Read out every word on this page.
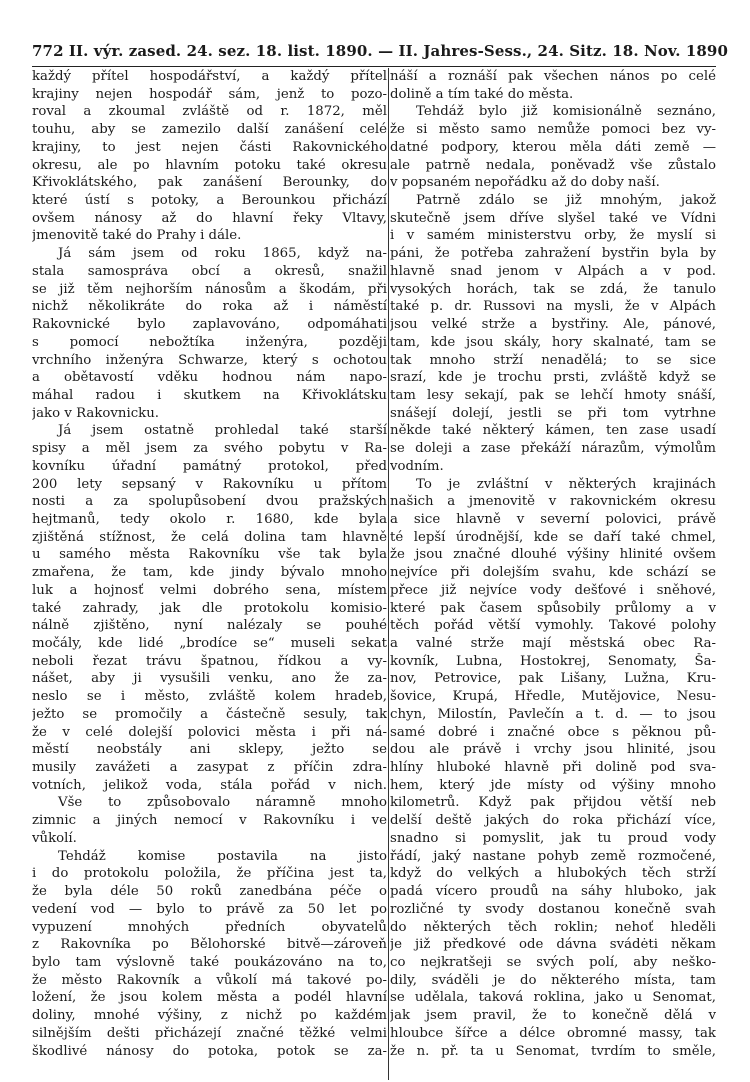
772 II. výr. zased. 24. sez. 18. list. 1890. — II. Jahres-Sess., 24. Sitz. 18. Nov. 1890
každý přítel hospodářství, a každý přítel
krajiny nejen hospodář sám, jenž to pozo-
roval a zkoumal zvláště od r. 1872, měl
touhu, aby se zamezilo další zanášení celé
krajiny, to jest nejen části Rakovnického
okresu, ale po hlavním potoku také okresu
Křivoklátského, pak zanášení Berounky, do
které ústí s potoky, a Berounkou přichází
ovšem nánosy až do hlavní řeky Vltavy,
jmenovitě také do Prahy i dále.
Já sám jsem od roku 1865, když na-
stala samospráva obcí a okresů, snažil
se již těm nejhorším nánosům a škodám, při
nichž několikráte do roka až i náměstí
Rakovnické bylo zaplavováno, odpomáhati
s pomocí nebožtíka inženýra, později
vrchního inženýra Schwarze, který s ochotou
a obětavostí vděku hodnou nám napo-
máhal radou i skutkem na Křivoklátsku
jako v Rakovnicku.
Já jsem ostatně prohledal také starší
spisy a měl jsem za svého pobytu v Ra-
kovníku úřadní památný protokol, před
200 lety sepsaný v Rakovníku u přítom
nosti a za spolupůsobení dvou pražských
hejtmanů, tedy okolo r. 1680, kde byla
zjištěná stížnost, že celá dolina tam hlavně
u samého města Rakovníku vše tak byla
zmařena, že tam, kde jindy bývalo mnoho
luk a hojnosť velmi dobrého sena, místem
také zahrady, jak dle protokolu komisio-
nálně zjištěno, nyní nalézaly se pouhé
močály, kde lidé „brodíce se“ museli sekat
neboli řezat trávu špatnou, řídkou a vy-
nášet, aby ji vysušili venku, ano že za-
neslo se i město, zvláště kolem hradeb,
ježto se promočily a částečně sesuly, tak
že v celé dolejší polovici města i při ná-
městí neobstály ani sklepy, ježto se
musily zavážeti a zasypat z příčin zdra-
votních, jelikož voda, stála pořád v nich.
Vše to způsobovalo náramně mnoho
zimnic a jiných nemocí v Rakovníku i ve
vůkolí.
Tehdáž komise postavila na jisto
i do protokolu položila, že příčina jest ta,
že byla déle 50 roků zanedbána péče o
vedení vod — bylo to právě za 50 let po
vypuzení mnohých předních obyvatelů
z Rakovníka po Bělohorské bitvě—zároveň
bylo tam výslovně také poukázováno na to,
že město Rakovník a vůkolí má takové po-
ložení, že jsou kolem města a podél hlavní
doliny, mnohé výšiny, z nichž po každém
silnějším dešti přicházejí značné těžké velmi
škodlivé nánosy do potoka, potok se za-
náší a roznáší pak všechen nános po celé
dolině a tím také do města.
Tehdáž bylo již komisionálně seznáno,
že si město samo nemůže pomoci bez vy-
datné podpory, kterou měla dáti země —
ale patrně nedala, poněvadž vše zůstalo
v popsaném nepořádku až do doby naší.
Patrně zdálo se již mnohým, jakož
skutečně jsem dříve slyšel také ve Vídni
i v samém ministerstvu orby, že myslí si
páni, že potřeba zahražení bystřin byla by
hlavně snad jenom v Alpách a v pod.
vysokých horách, tak se zdá, že tanulo
také p. dr. Russovi na mysli, že v Alpách
jsou velké strže a bystřiny. Ale, pánové,
tam, kde jsou skály, hory skalnaté, tam se
tak mnoho strží nenadělá; to se sice
srazí, kde je trochu prsti, zvláště když se
tam lesy sekají, pak se lehčí hmoty snáší,
snášejí dolejí, jestli se při tom vytrhne
někde také některý kámen, ten zase usadí
se doleji a zase překáží nárazům, výmolům
vodním.
To je zvláštní v některých krajinách
našich a jmenovitě v rakovnickém okresu
a sice hlavně v severní polovici, právě
té lepší úrodnější, kde se daří také chmel,
že jsou značné dlouhé výšiny hlinité ovšem
nejvíce při dolejším svahu, kde schází se
přece již nejvíce vody dešťové i sněhové,
které pak časem spůsobily průlomy a v
těch pořád větší vymohly. Takové polohy
a valné strže mají městská obec Ra-
kovník, Lubna, Hostokrej, Senomaty, Ša-
nov, Petrovice, pak Lišany, Lužna, Kru-
šovice, Krupá, Hředle, Mutějovice, Nesu-
chyn, Milostín, Pavlečín a t. d. — to jsou
samé dobré i značné obce s pěknou pů-
dou ale právě i vrchy jsou hlinité, jsou
hlíny hluboké hlavně při dolině pod sva-
hem, který jde místy od výšiny mnoho
kilometrů. Když pak přijdou větší neb
delší deště jakých do roka přichází více,
snadno si pomyslit, jak tu proud vody
řádí, jaký nastane pohyb země rozmočené,
když do velkých a hlubokých těch strží
padá vícero proudů na sáhy hluboko, jak
rozličné ty svody dostanou konečně svah
do některých těch roklin; nehoť hleděli
je již předkové ode dávna svádėti někam
co nejkratšeji se svých polí, aby neško-
dily, sváděli je do některého místa, tam
se udělala, taková roklina, jako u Senomat,
jak jsem pravil, že to konečně dělá v
hloubce šířce a délce obromné massy, tak
že n. př. ta u Senomat, tvrdím to směle,
